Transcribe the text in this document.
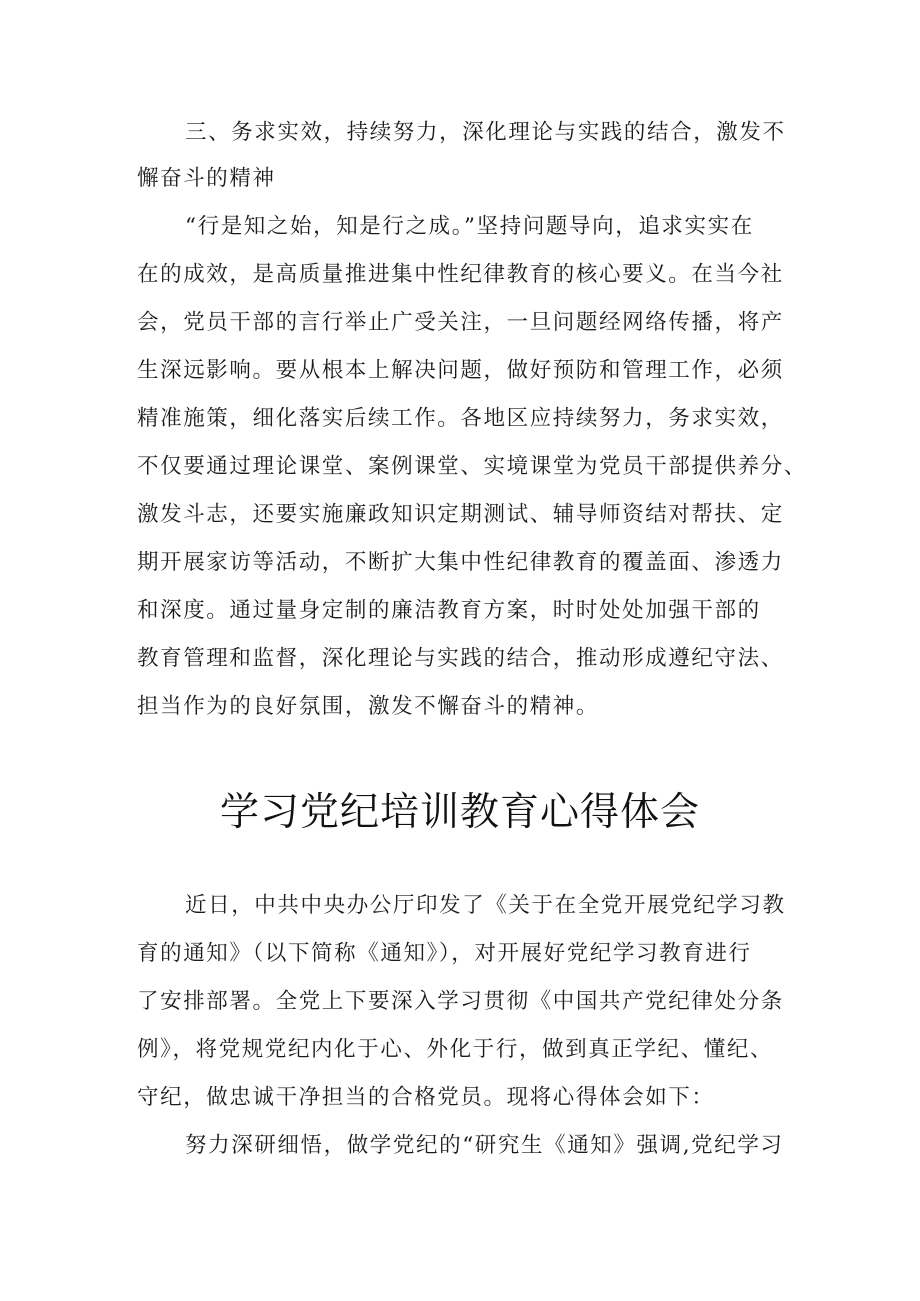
三、务求实效，持续努力，深化理论与实践的结合，激发不
懈奋斗的精神
“行是知之始，知是行之成。”坚持问题导向，追求实实在
在的成效，是高质量推进集中性纪律教育的核心要义。在当今社
会，党员干部的言行举止广受关注，一旦问题经网络传播，将产
生深远影响。要从根本上解决问题，做好预防和管理工作，必须
精准施策，细化落实后续工作。各地区应持续努力，务求实效，
不仅要通过理论课堂、案例课堂、实境课堂为党员干部提供养分、
激发斗志，还要实施廉政知识定期测试、辅导师资结对帮扶、定
期开展家访等活动，不断扩大集中性纪律教育的覆盖面、渗透力
和深度。通过量身定制的廉洁教育方案，时时处处加强干部的
教育管理和监督，深化理论与实践的结合，推动形成遵纪守法、
担当作为的良好氛围，激发不懈奋斗的精神。
学习党纪培训教育心得体会
近日，中共中央办公厅印发了《关于在全党开展党纪学习教
育的通知》（以下简称《通知》），对开展好党纪学习教育进行
了安排部署。全党上下要深入学习贯彻《中国共产党纪律处分条
例》，将党规党纪内化于心、外化于行，做到真正学纪、懂纪、
守纪，做忠诚干净担当的合格党员。现将心得体会如下：
努力深研细悟，做学党纪的“研究生《通知》强调,党纪学习
